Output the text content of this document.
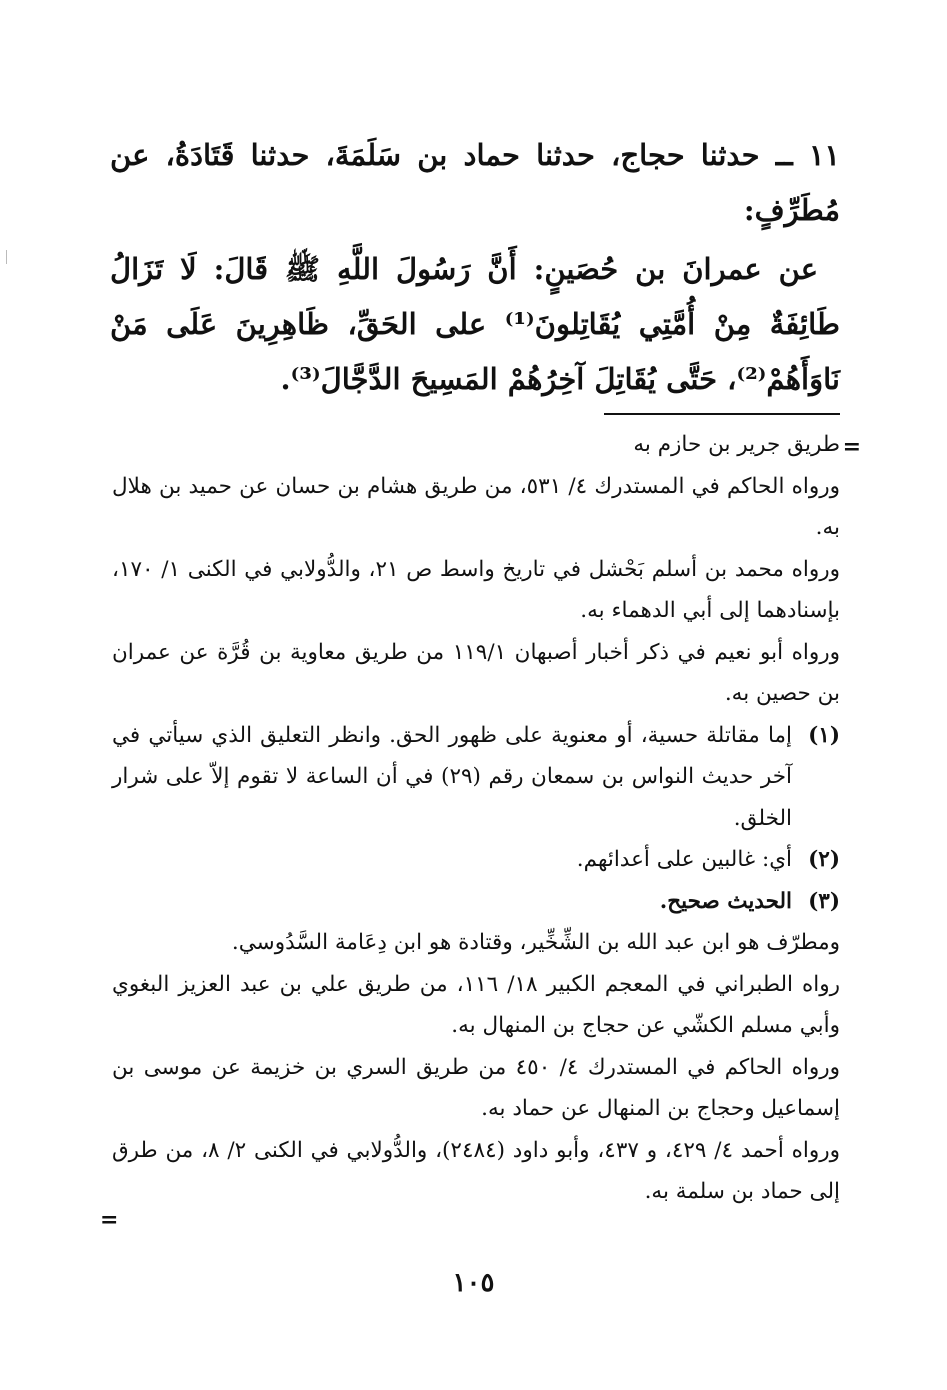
١١ ــ حدثنا حجاج، حدثنا حماد بن سَلَمَةَ، حدثنا قَتَادَةُ، عن مُطَرِّفٍ:

عن عمرانَ بن حُصَينٍ: أَنَّ رَسُولَ اللَّهِ ﷺ قَالَ: لَا تَزَالُ طَائِفَةٌ مِنْ أُمَّتِي يُقَاتِلونَ⁽¹⁾ على الحَقِّ، ظَاهِرِينَ عَلَى مَنْ نَاوَأَهُمْ⁽²⁾، حَتَّى يُقَاتِلَ آخِرُهُمْ المَسِيحَ الدَّجَّالَ⁽³⁾.

=

طريق جرير بن حازم به

ورواه الحاكم في المستدرك ٤/ ٥٣١، من طريق هشام بن حسان عن حميد بن هلال به.

ورواه محمد بن أسلم بَحْشل في تاريخ واسط ص ٢١، والدُّولابي في الكنى ١/ ١٧٠، بإسنادهما إلى أبي الدهماء به.

ورواه أبو نعيم في ذكر أخبار أصبهان ١١٩/١ من طريق معاوية بن قُرَّة عن عمران بن حصين به.

(١)
إما مقاتلة حسية، أو معنوية على ظهور الحق. وانظر التعليق الذي سيأتي في آخر حديث النواس بن سمعان رقم (٢٩) في أن الساعة لا تقوم إلاّ على شرار الخلق.
(٢)
أي: غالبين على أعدائهم.
(٣)
الحديث صحيح.

ومطرّف هو ابن عبد الله بن الشِّخِّير، وقتادة هو ابن دِعَامة السَّدُوسي.

رواه الطبراني في المعجم الكبير ١٨/ ١١٦، من طريق علي بن عبد العزيز البغوي وأبي مسلم الكشّي عن حجاج بن المنهال به.

ورواه الحاكم في المستدرك ٤/ ٤٥٠ من طريق السري بن خزيمة عن موسى بن إسماعيل وحجاج بن المنهال عن حماد به.

ورواه أحمد ٤/ ٤٢٩، و ٤٣٧، وأبو داود (٢٤٨٤)، والدُّولابي في الكنى ٢/ ٨، من طرق إلى حماد بن سلمة به.

=
١٠٥
